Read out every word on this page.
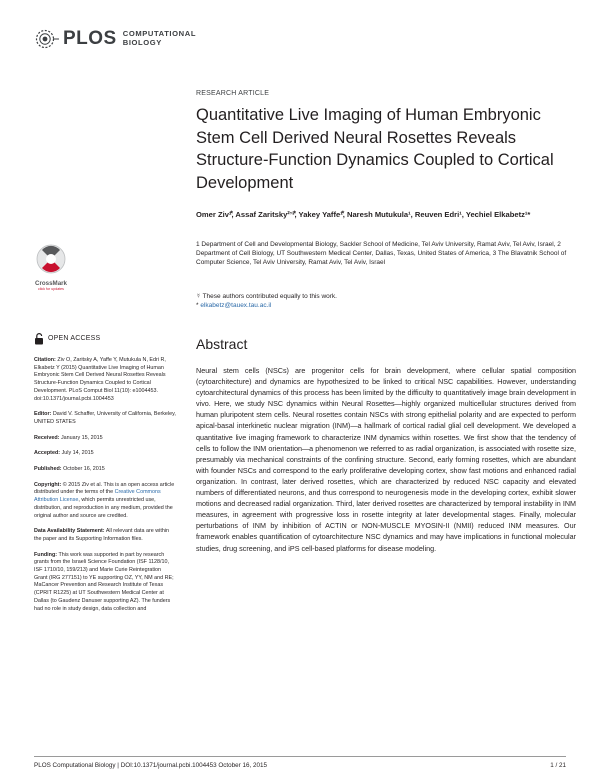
PLOS COMPUTATIONAL
BIOLOGY
RESEARCH ARTICLE
Quantitative Live Imaging of Human Embryonic Stem Cell Derived Neural Rosettes Reveals Structure-Function Dynamics Coupled to Cortical Development
Omer Ziv¹⃰, Assaf Zaritsky²ʼ³⃰, Yakey Yaffe¹⃰, Naresh Mutukula¹, Reuven Edri¹, Yechiel Elkabetz¹*
1 Department of Cell and Developmental Biology, Sackler School of Medicine, Tel Aviv University, Ramat Aviv, Tel Aviv, Israel, 2 Department of Cell Biology, UT Southwestern Medical Center, Dallas, Texas, United States of America, 3 The Blavatnik School of Computer Science, Tel Aviv University, Ramat Aviv, Tel Aviv, Israel
☿ These authors contributed equally to this work.
* elkabetz@tauex.tau.ac.il
CrossMark
click for updates
OPEN ACCESS
Citation: Ziv O, Zaritsky A, Yaffe Y, Mutukula N, Edri R, Elkabetz Y (2015) Quantitative Live Imaging of Human Embryonic Stem Cell Derived Neural Rosettes Reveals Structure-Function Dynamics Coupled to Cortical Development. PLoS Comput Biol 11(10): e1004453. doi:10.1371/journal.pcbi.1004453
Editor: David V. Schaffer, University of California, Berkeley, UNITED STATES
Received: January 15, 2015
Accepted: July 14, 2015
Published: October 16, 2015
Copyright: © 2015 Ziv et al. This is an open access article distributed under the terms of the Creative Commons Attribution License, which permits unrestricted use, distribution, and reproduction in any medium, provided the original author and source are credited.
Data Availability Statement: All relevant data are within the paper and its Supporting Information files.
Funding: This work was supported in part by research grants from the Israeli Science Foundation (ISF 1128/10, ISF 1710/10, 159/213) and Marie Curie Reintegration Grant (IRG 277151) to YE supporting OZ, YY, NM and RE; MaCancer Prevention and Research Institute of Texas (CPRIT R1225) at UT Southwestern Medical Center at Dallas (to Gaudenz Danuser supporting AZ). The funders had no role in study design, data collection and
Abstract

Neural stem cells (NSCs) are progenitor cells for brain development, where cellular spatial composition (cytoarchitecture) and dynamics are hypothesized to be linked to critical NSC capabilities. However, understanding cytoarchitectural dynamics of this process has been limited by the difficulty to quantitatively image brain development in vivo. Here, we study NSC dynamics within Neural Rosettes—highly organized multicellular structures derived from human pluripotent stem cells. Neural rosettes contain NSCs with strong epithelial polarity and are expected to perform apical-basal interkinetic nuclear migration (INM)—a hallmark of cortical radial glial cell development. We developed a quantitative live imaging framework to characterize INM dynamics within rosettes. We first show that the tendency of cells to follow the INM orientation—a phenomenon we referred to as radial organization, is associated with rosette size, presumably via mechanical constraints of the confining structure. Second, early forming rosettes, which are abundant with founder NSCs and correspond to the early proliferative developing cortex, show fast motions and enhanced radial organization. In contrast, later derived rosettes, which are characterized by reduced NSC capacity and elevated numbers of differentiated neurons, and thus correspond to neurogenesis mode in the developing cortex, exhibit slower motions and decreased radial organization. Third, later derived rosettes are characterized by temporal instability in INM measures, in agreement with progressive loss in rosette integrity at later developmental stages. Finally, molecular perturbations of INM by inhibition of ACTIN or NON-MUSCLE MYOSIN-II (NMII) reduced INM measures. Our framework enables quantification of cytoarchitecture NSC dynamics and may have implications in functional molecular studies, drug screening, and iPS cell-based platforms for disease modeling.

PLOS Computational Biology | DOI:10.1371/journal.pcbi.1004453 October 16, 2015	1 / 21
